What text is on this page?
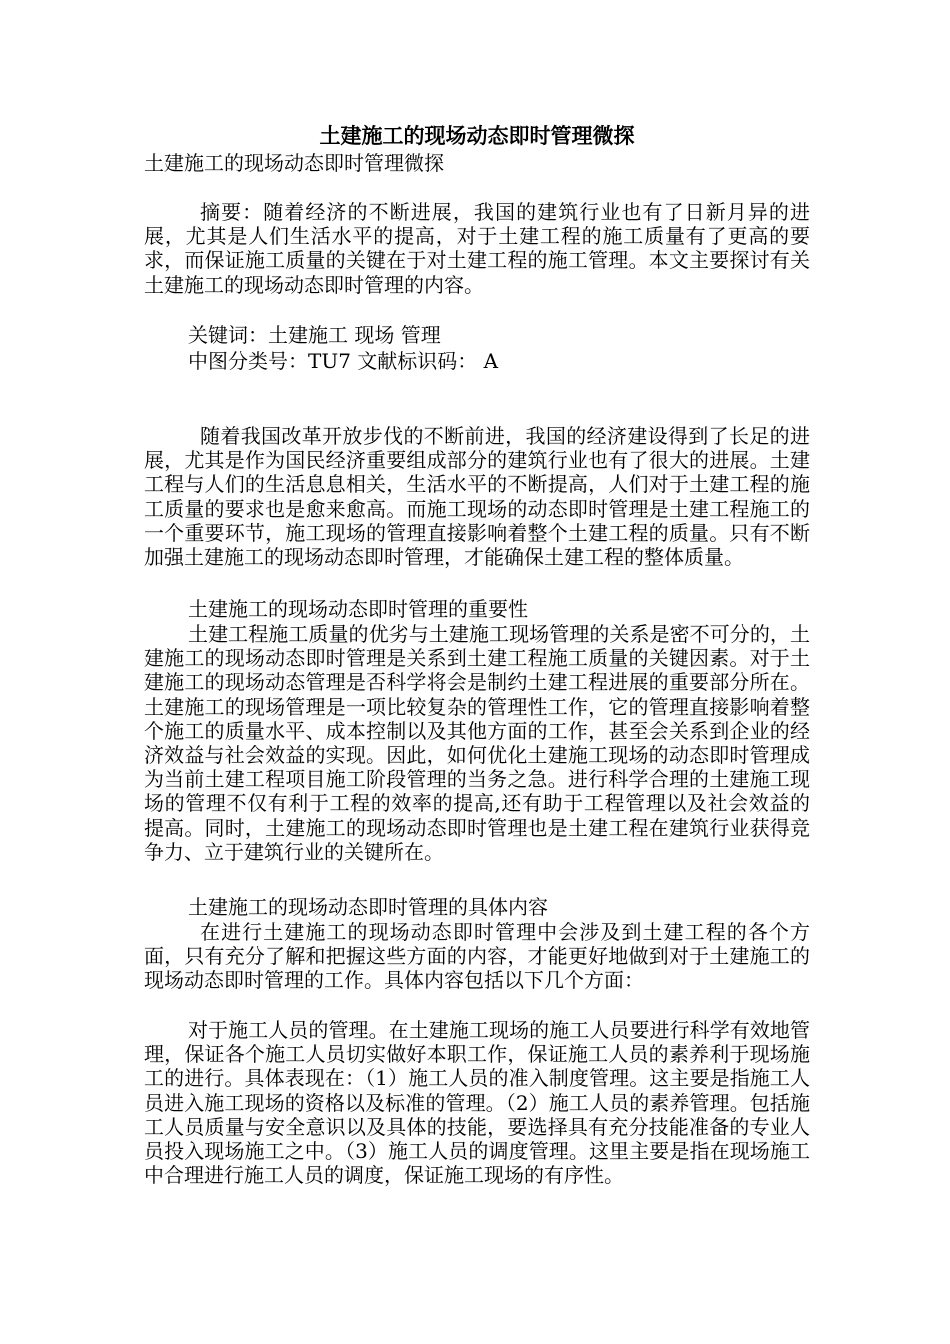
土建施工的现场动态即时管理微探
土建施工的现场动态即时管理微探

摘要：随着经济的不断进展，我国的建筑行业也有了日新月异的进展，尤其是人们生活水平的提高，对于土建工程的施工质量有了更高的要求，而保证施工质量的关键在于对土建工程的施工管理。本文主要探讨有关土建施工的现场动态即时管理的内容。

关键词：土建施工 现场 管理
中图分类号：TU7 文献标识码： A

随着我国改革开放步伐的不断前进，我国的经济建设得到了长足的进展，尤其是作为国民经济重要组成部分的建筑行业也有了很大的进展。土建工程与人们的生活息息相关，生活水平的不断提高，人们对于土建工程的施工质量的要求也是愈来愈高。而施工现场的动态即时管理是土建工程施工的一个重要环节，施工现场的管理直接影响着整个土建工程的质量。只有不断加强土建施工的现场动态即时管理，才能确保土建工程的整体质量。

土建施工的现场动态即时管理的重要性

土建工程施工质量的优劣与土建施工现场管理的关系是密不可分的，土建施工的现场动态即时管理是关系到土建工程施工质量的关键因素。对于土建施工的现场动态管理是否科学将会是制约土建工程进展的重要部分所在。土建施工的现场管理是一项比较复杂的管理性工作，它的管理直接影响着整个施工的质量水平、成本控制以及其他方面的工作，甚至会关系到企业的经济效益与社会效益的实现。因此，如何优化土建施工现场的动态即时管理成为当前土建工程项目施工阶段管理的当务之急。进行科学合理的土建施工现场的管理不仅有利于工程的效率的提高,还有助于工程管理以及社会效益的提高。同时，土建施工的现场动态即时管理也是土建工程在建筑行业获得竞争力、立于建筑行业的关键所在。

土建施工的现场动态即时管理的具体内容

在进行土建施工的现场动态即时管理中会涉及到土建工程的各个方面，只有充分了解和把握这些方面的内容，才能更好地做到对于土建施工的现场动态即时管理的工作。具体内容包括以下几个方面：

对于施工人员的管理。在土建施工现场的施工人员要进行科学有效地管理，保证各个施工人员切实做好本职工作，保证施工人员的素养利于现场施工的进行。具体表现在：（1）施工人员的准入制度管理。这主要是指施工人员进入施工现场的资格以及标准的管理。（2）施工人员的素养管理。包括施工人员质量与安全意识以及具体的技能，要选择具有充分技能准备的专业人员投入现场施工之中。（3）施工人员的调度管理。这里主要是指在现场施工中合理进行施工人员的调度，保证施工现场的有序性。
